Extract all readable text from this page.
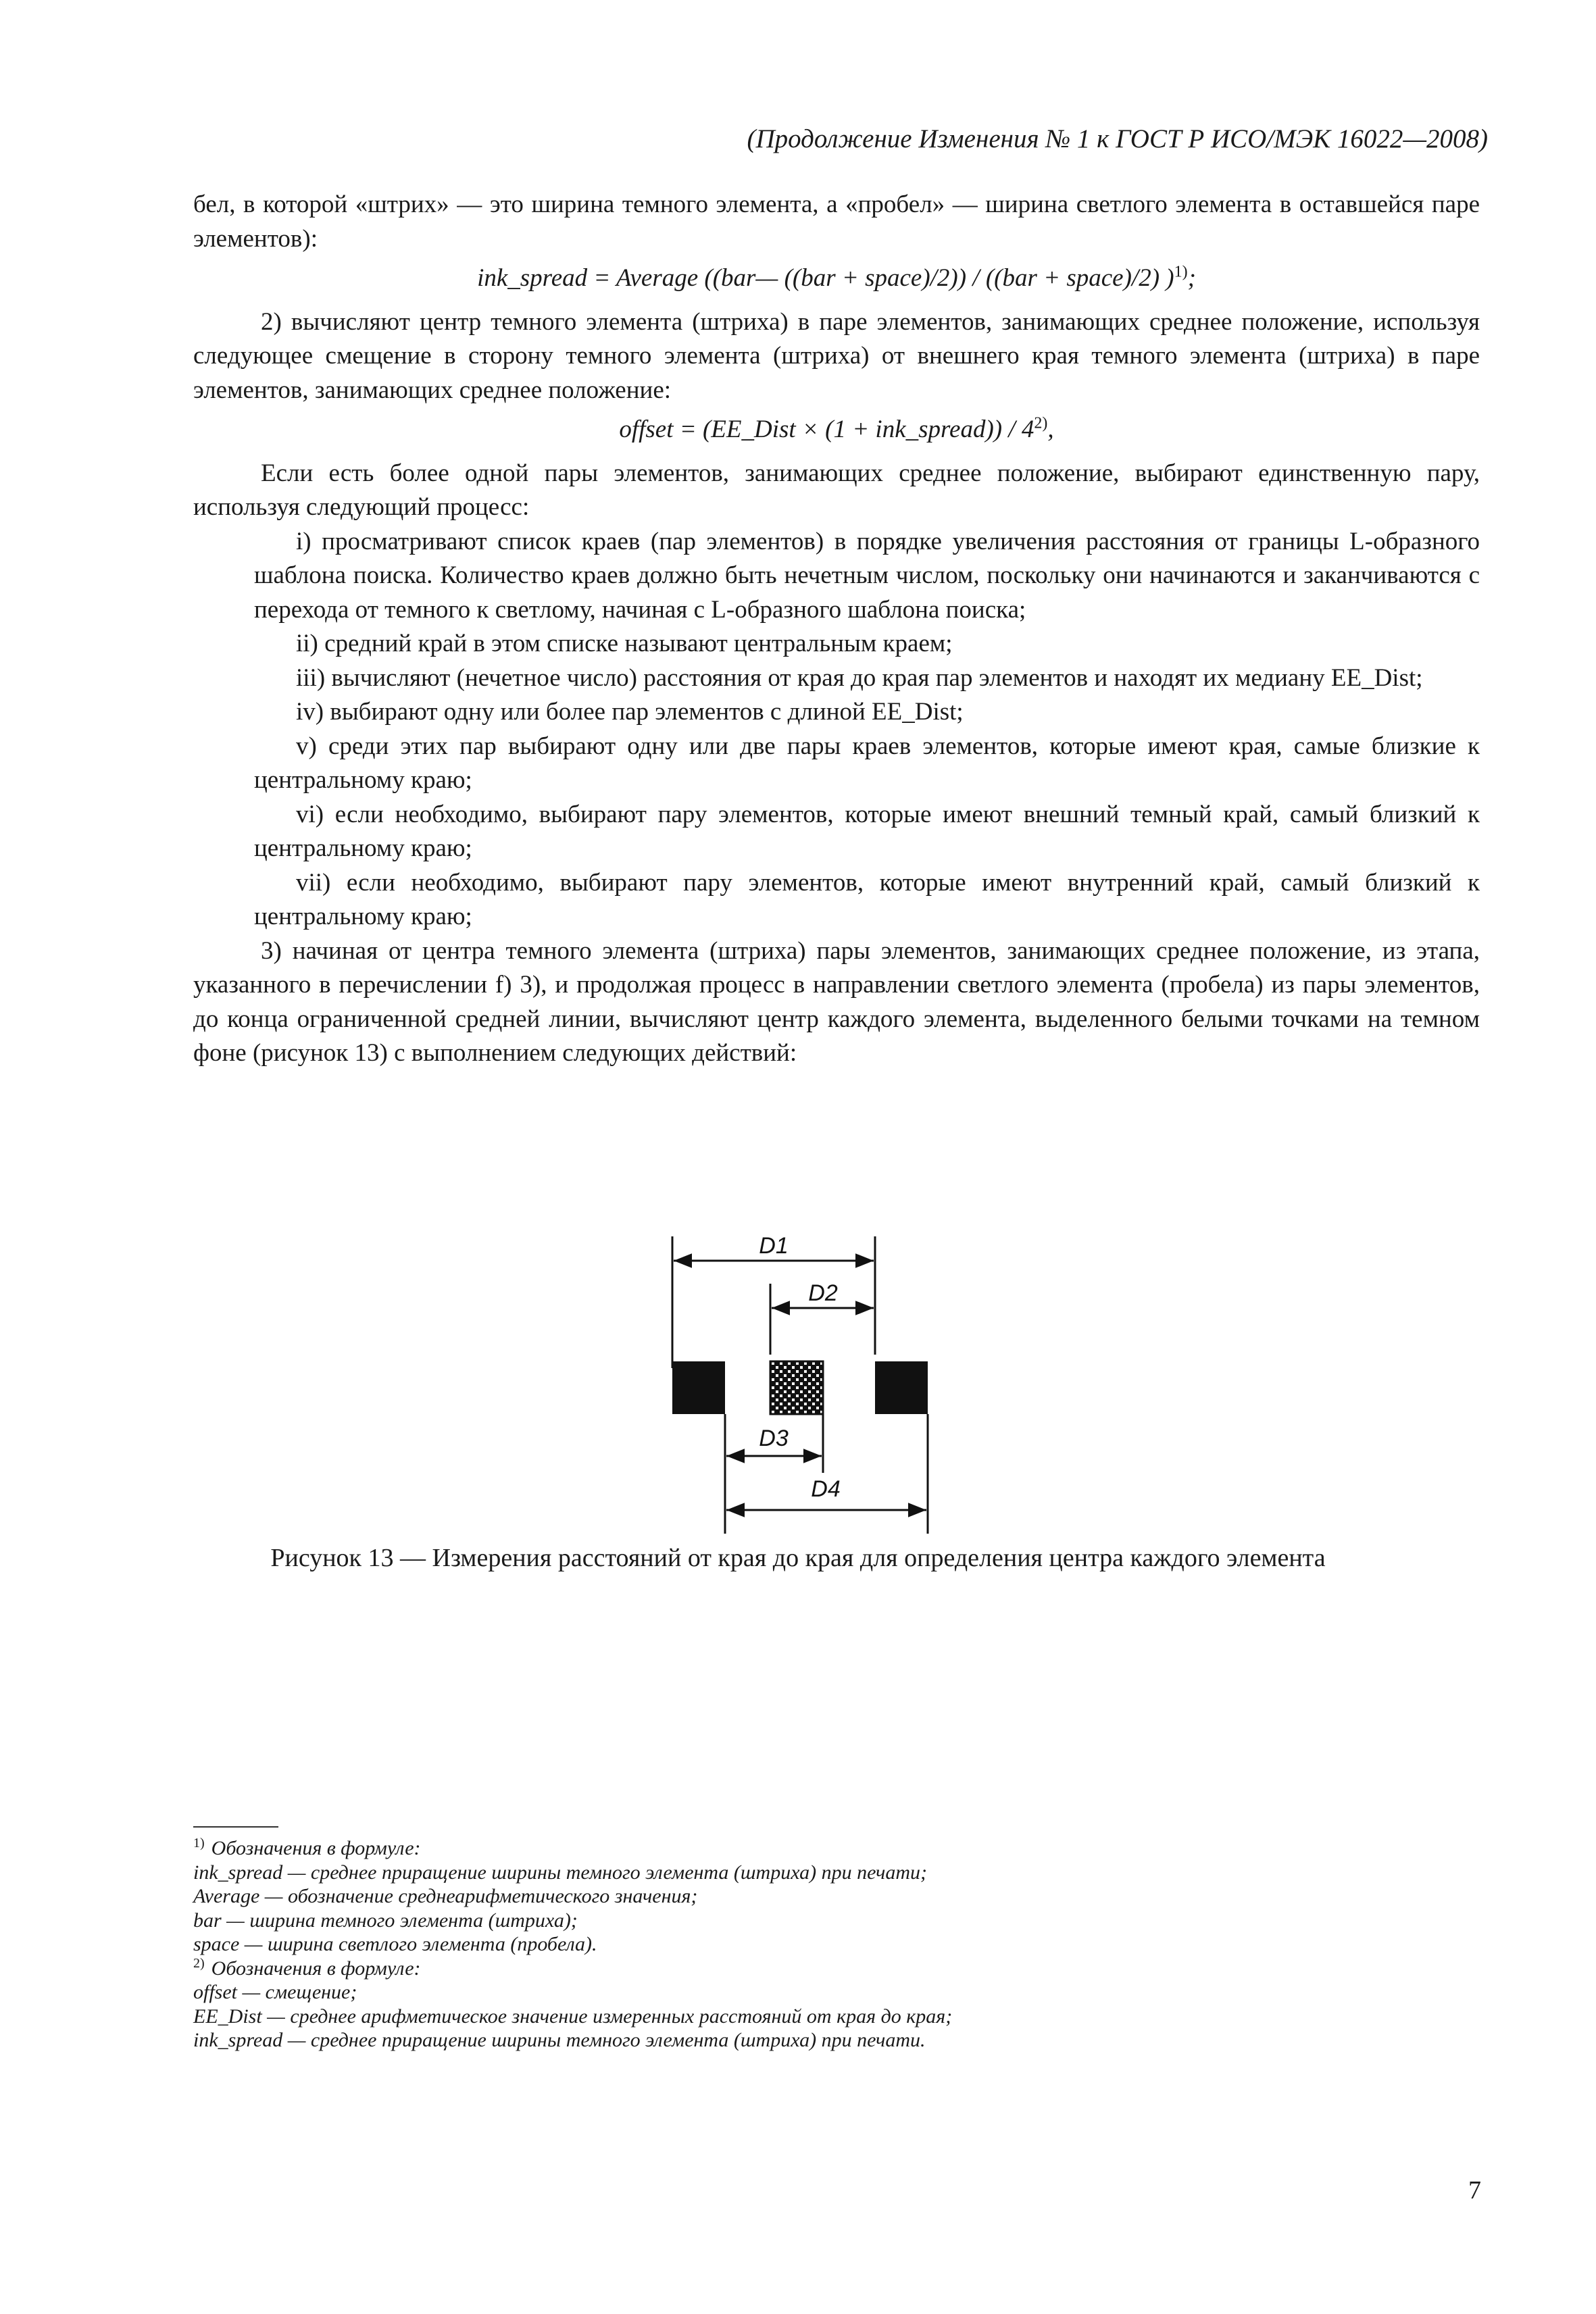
(Продолжение Изменения № 1 к ГОСТ Р ИСО/МЭК 16022—2008)

бел, в которой «штрих» — это ширина темного элемента, а «пробел» — ширина светлого элемента в оставшейся паре элементов):

ink_spread = Average ((bar— ((bar + space)/2)) / ((bar + space)/2) )$^{1)}$;

2) вычисляют центр темного элемента (штриха) в паре элементов, занимающих среднее положение, используя следующее смещение в сторону темного элемента (штриха) от внешнего края темного элемента (штриха) в паре элементов, занимающих среднее положение:

offset = (EE_Dist × (1 + ink_spread)) / 4$^{2)}$,

Если есть более одной пары элементов, занимающих среднее положение, выбирают единственную пару, используя следующий процесс:

i) просматривают список краев (пар элементов) в порядке увеличения расстояния от границы L-образного шаблона поиска. Количество краев должно быть нечетным числом, поскольку они начинаются и заканчиваются с перехода от темного к светлому, начиная с L-образного шаблона поиска;

ii) средний край в этом списке называют центральным краем;

iii) вычисляют (нечетное число) расстояния от края до края пар элементов и находят их медиану EE_Dist;

iv) выбирают одну или более пар элементов с длиной EE_Dist;

v) среди этих пар выбирают одну или две пары краев элементов, которые имеют края, самые близкие к центральному краю;

vi) если необходимо, выбирают пару элементов, которые имеют внешний темный край, самый близкий к центральному краю;

vii) если необходимо, выбирают пару элементов, которые имеют внутренний край, самый близкий к центральному краю;

3) начиная от центра темного элемента (штриха) пары элементов, занимающих среднее положение, из этапа, указанного в перечислении f) 3), и продолжая процесс в направлении светлого элемента (пробела) из пары элементов, до конца ограниченной средней линии, вычисляют центр каждого элемента, выделенного белыми точками на темном фоне (рисунок 13) с выполнением следующих действий:

D1
D2
D3
D4
Рисунок 13 — Измерения расстояний от края до края для определения центра каждого элемента

$^{1)}$ Обозначения в формуле:

ink_spread — среднее приращение ширины темного элемента (штриха) при печати;

Average — обозначение среднеарифметического значения;

bar — ширина темного элемента (штриха);

space — ширина светлого элемента (пробела).

$^{2)}$ Обозначения в формуле:

offset — смещение;

EE_Dist — среднее арифметическое значение измеренных расстояний от края до края;

ink_spread — среднее приращение ширины темного элемента (штриха) при печати.

7
